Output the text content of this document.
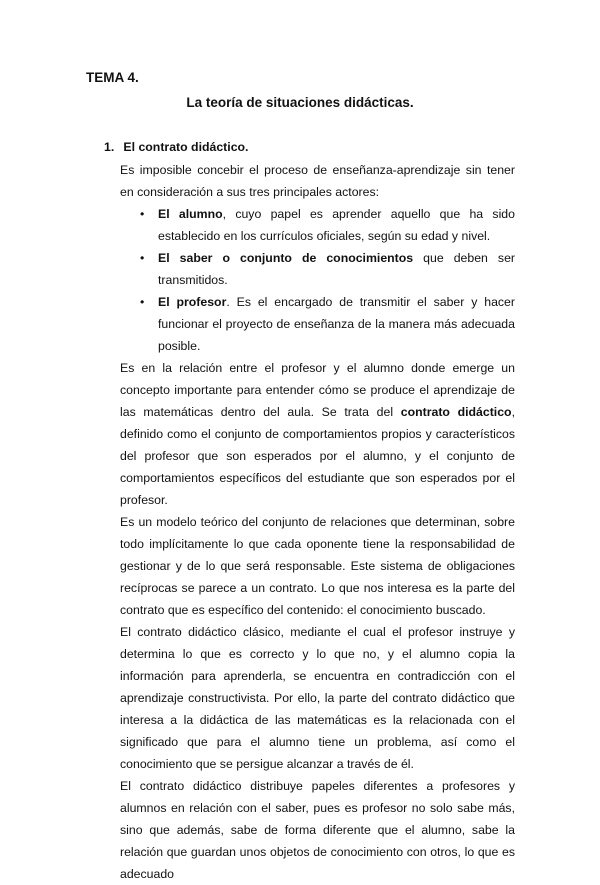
TEMA 4.
La teoría de situaciones didácticas.
1. El contrato didáctico.

Es imposible concebir el proceso de enseñanza-aprendizaje sin tener en consideración a sus tres principales actores:

• El alumno, cuyo papel es aprender aquello que ha sido establecido en los currículos oficiales, según su edad y nivel.
• El saber o conjunto de conocimientos que deben ser transmitidos.
• El profesor. Es el encargado de transmitir el saber y hacer funcionar el proyecto de enseñanza de la manera más adecuada posible.

Es en la relación entre el profesor y el alumno donde emerge un concepto importante para entender cómo se produce el aprendizaje de las matemáticas dentro del aula. Se trata del contrato didáctico, definido como el conjunto de comportamientos propios y característicos del profesor que son esperados por el alumno, y el conjunto de comportamientos específicos del estudiante que son esperados por el profesor.

Es un modelo teórico del conjunto de relaciones que determinan, sobre todo implícitamente lo que cada oponente tiene la responsabilidad de gestionar y de lo que será responsable. Este sistema de obligaciones recíprocas se parece a un contrato. Lo que nos interesa es la parte del contrato que es específico del contenido: el conocimiento buscado.

El contrato didáctico clásico, mediante el cual el profesor instruye y determina lo que es correcto y lo que no, y el alumno copia la información para aprenderla, se encuentra en contradicción con el aprendizaje constructivista. Por ello, la parte del contrato didáctico que interesa a la didáctica de las matemáticas es la relacionada con el significado que para el alumno tiene un problema, así como el conocimiento que se persigue alcanzar a través de él.

El contrato didáctico distribuye papeles diferentes a profesores y alumnos en relación con el saber, pues es profesor no solo sabe más, sino que además, sabe de forma diferente que el alumno, sabe la relación que guardan unos objetos de conocimiento con otros, lo que es adecuado
